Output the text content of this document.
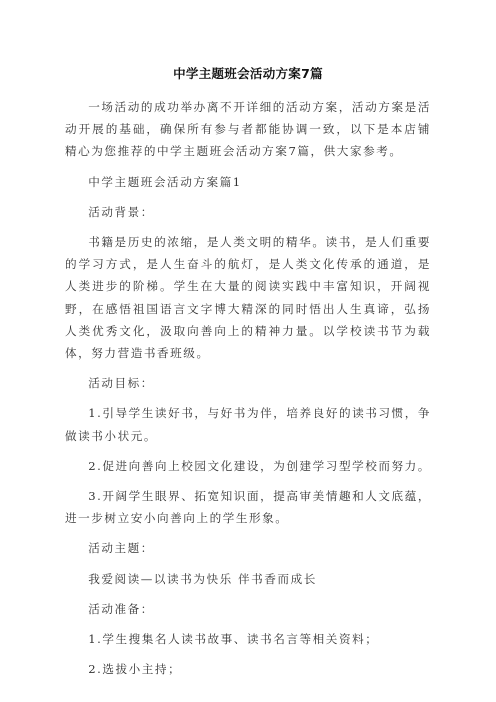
中学主题班会活动方案7篇
一场活动的成功举办离不开详细的活动方案，活动方案是活动开展的基础，确保所有参与者都能协调一致，以下是本店铺精心为您推荐的中学主题班会活动方案7篇，供大家参考。
中学主题班会活动方案篇1
活动背景：
书籍是历史的浓缩，是人类文明的精华。读书，是人们重要的学习方式，是人生奋斗的航灯，是人类文化传承的通道，是人类进步的阶梯。学生在大量的阅读实践中丰富知识，开阔视野，在感悟祖国语言文字博大精深的同时悟出人生真谛，弘扬人类优秀文化，汲取向善向上的精神力量。以学校读书节为载体，努力营造书香班级。
活动目标：
1.引导学生读好书，与好书为伴，培养良好的读书习惯，争做读书小状元。
2.促进向善向上校园文化建设，为创建学习型学校而努力。
3.开阔学生眼界、拓宽知识面，提高审美情趣和人文底蕴，进一步树立安小向善向上的学生形象。
活动主题：
我爱阅读—以读书为快乐 伴书香而成长
活动准备：
1.学生搜集名人读书故事、读书名言等相关资料；
2.选拔小主持；
